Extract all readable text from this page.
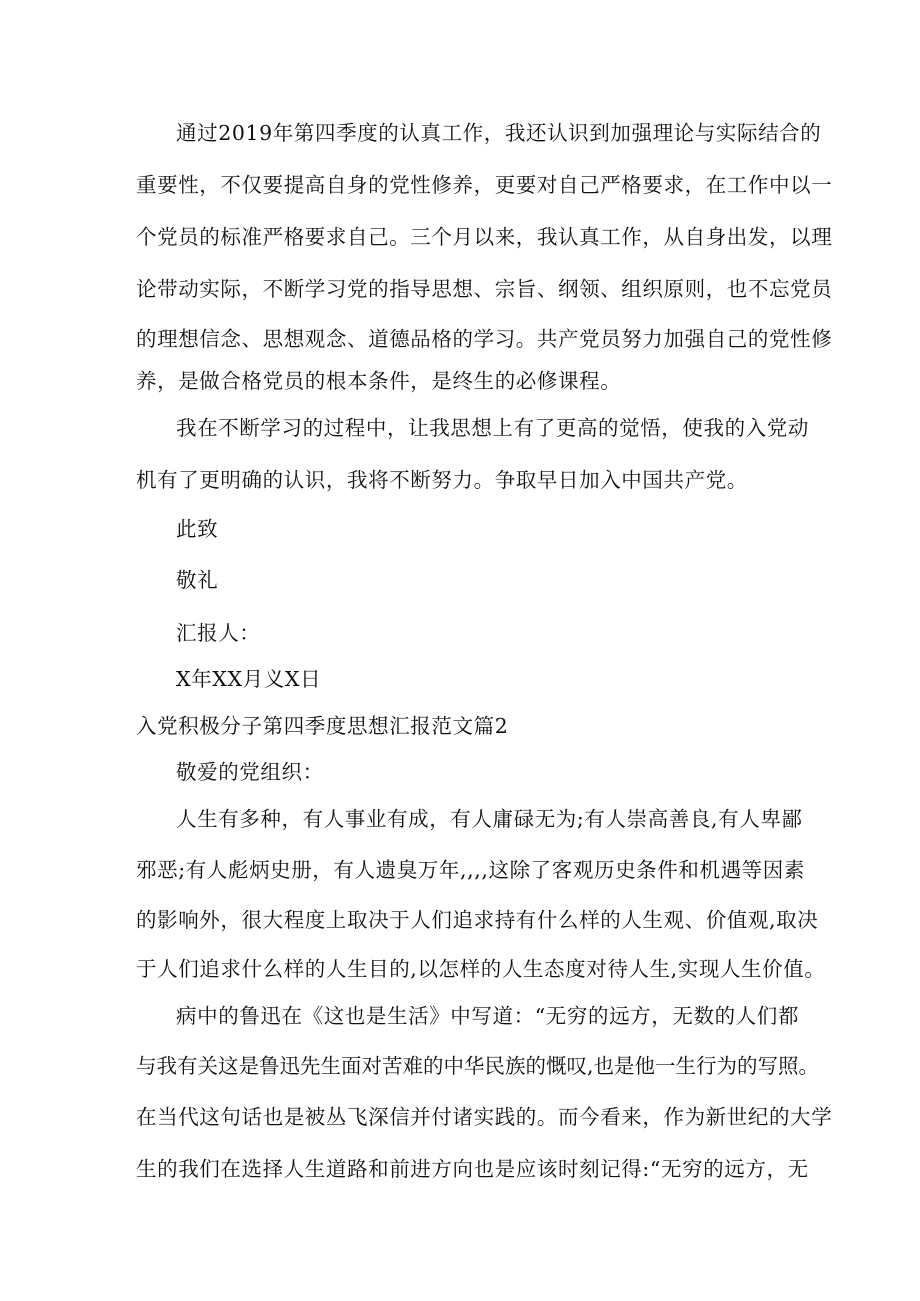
通过2019年第四季度的认真工作，我还认识到加强理论与实际结合的
重要性，不仅要提高自身的党性修养，更要对自己严格要求，在工作中以一
个党员的标准严格要求自己。三个月以来，我认真工作，从自身出发，以理
论带动实际，不断学习党的指导思想、宗旨、纲领、组织原则，也不忘党员
的理想信念、思想观念、道德品格的学习。共产党员努力加强自己的党性修
养，是做合格党员的根本条件，是终生的必修课程。
我在不断学习的过程中，让我思想上有了更高的觉悟，使我的入党动
机有了更明确的认识，我将不断努力。争取早日加入中国共产党。
此致
敬礼
汇报人：
X年XX月义X日
入党积极分子第四季度思想汇报范文篇2
敬爱的党组织：
人生有多种，有人事业有成，有人庸碌无为;有人崇高善良,有人卑鄙
邪恶;有人彪炳史册，有人遗臭万年,,,,这除了客观历史条件和机遇等因素
的影响外，很大程度上取决于人们追求持有什么样的人生观、价值观,取决
于人们追求什么样的人生目的,以怎样的人生态度对待人生,实现人生价值。
病中的鲁迅在《这也是生活》中写道：“无穷的远方，无数的人们都
与我有关这是鲁迅先生面对苦难的中华民族的慨叹,也是他一生行为的写照。
在当代这句话也是被丛飞深信并付诸实践的。而今看来，作为新世纪的大学
生的我们在选择人生道路和前进方向也是应该时刻记得:“无穷的远方，无
